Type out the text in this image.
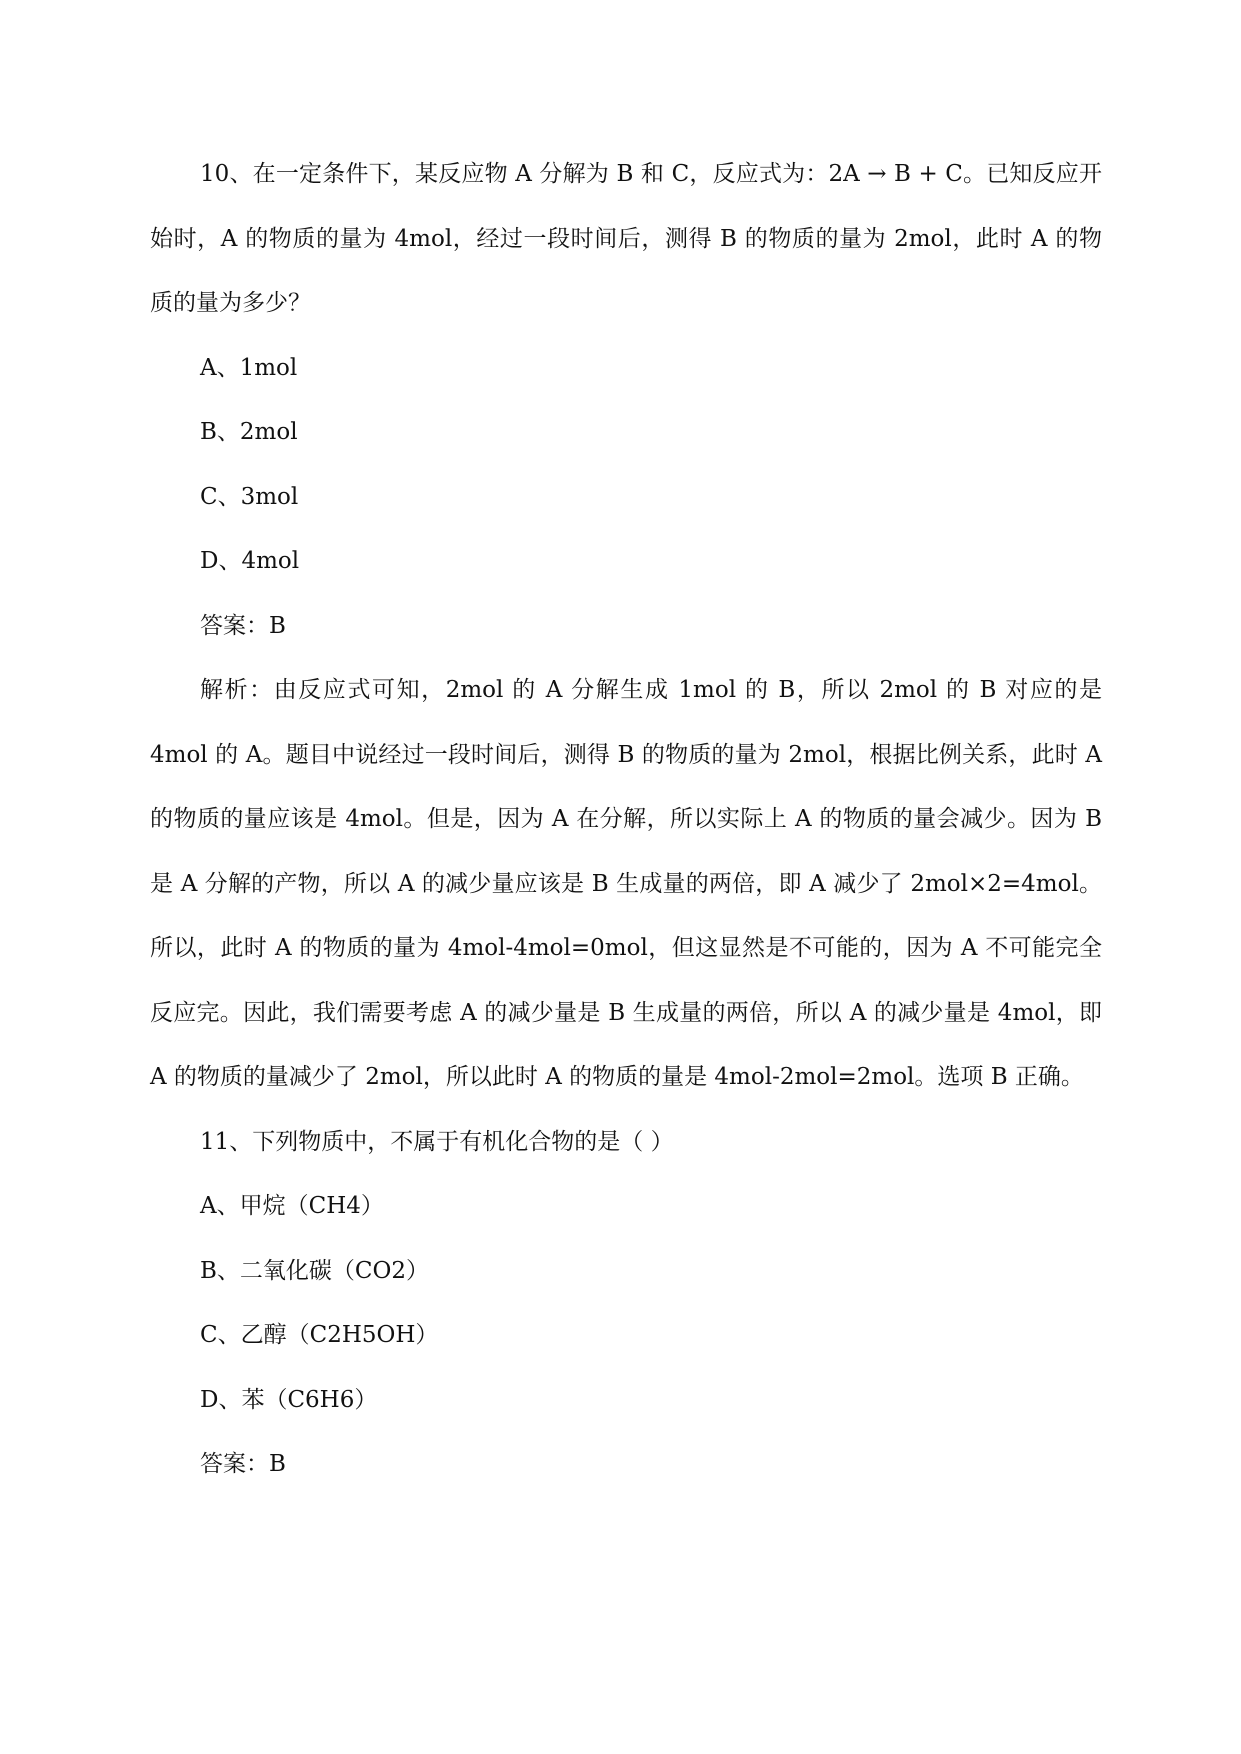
10、在一定条件下，某反应物 A 分解为 B 和 C，反应式为：2A → B + C。已知反应开始时，A 的物质的量为 4mol，经过一段时间后，测得 B 的物质的量为 2mol，此时 A 的物质的量为多少？

A、1mol

B、2mol

C、3mol

D、4mol

答案：B

解析：由反应式可知，2mol 的 A 分解生成 1mol 的 B，所以 2mol 的 B 对应的是 4mol 的 A。题目中说经过一段时间后，测得 B 的物质的量为 2mol，根据比例关系，此时 A 的物质的量应该是 4mol。但是，因为 A 在分解，所以实际上 A 的物质的量会减少。因为 B 是 A 分解的产物，所以 A 的减少量应该是 B 生成量的两倍，即 A 减少了 2mol×2=4mol。所以，此时 A 的物质的量为 4mol-4mol=0mol，但这显然是不可能的，因为 A 不可能完全反应完。因此，我们需要考虑 A 的减少量是 B 生成量的两倍，所以 A 的减少量是 4mol，即 A 的物质的量减少了 2mol，所以此时 A 的物质的量是 4mol-2mol=2mol。选项 B 正确。

11、下列物质中，不属于有机化合物的是（ ）

A、甲烷（CH4）

B、二氧化碳（CO2）

C、乙醇（C2H5OH）

D、苯（C6H6）

答案：B
